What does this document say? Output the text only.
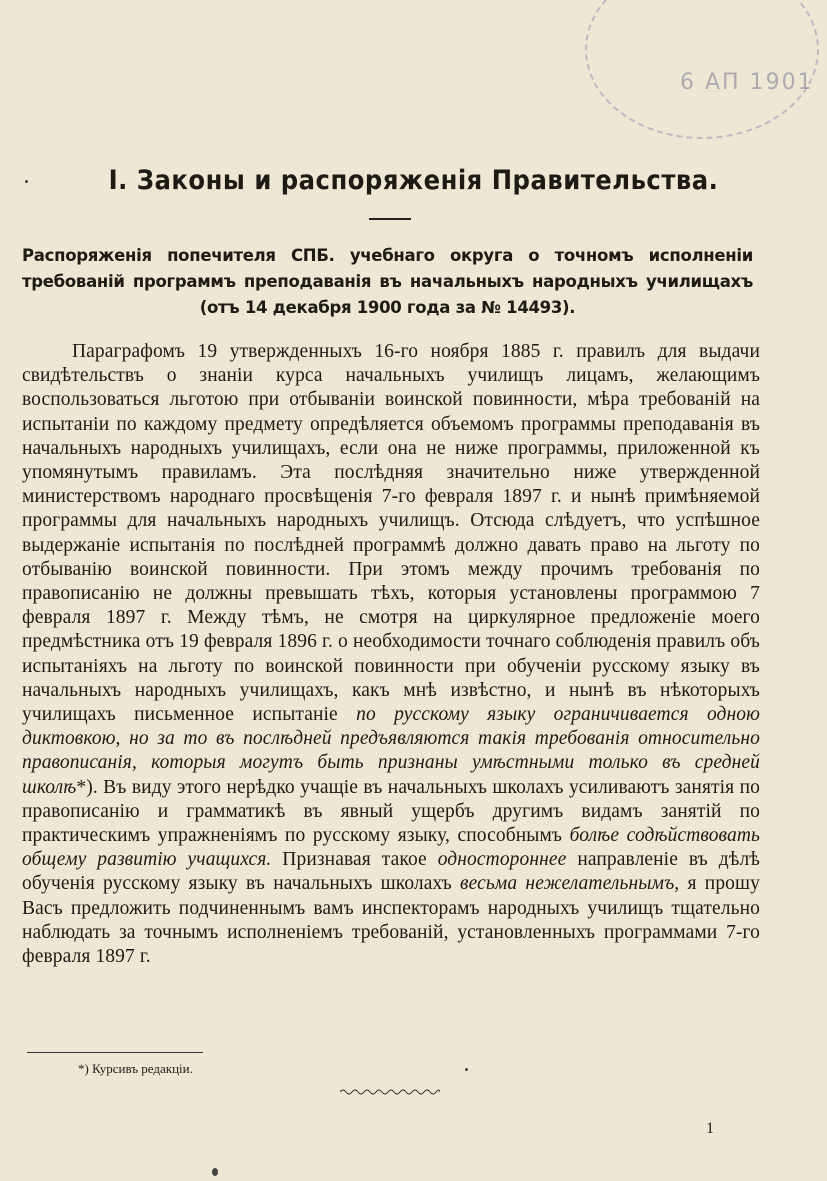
6 АП 1901
I. Законы и распоряженія Правительства.
Распоряженія попечителя СПБ. учебнаго округа о точномъ исполненіи требованій программъ преподаванія въ начальныхъ народныхъ училищахъ (отъ 14 декабря 1900 года за № 14493).

Параграфомъ 19 утвержденныхъ 16-го ноября 1885 г. правилъ для выдачи свидѣтельствъ о знаніи курса начальныхъ училищъ лицамъ, желающимъ воспользоваться льготою при отбываніи воинской повинности, мѣра требованій на испытаніи по каждому предмету опредѣляется объемомъ программы преподаванія въ начальныхъ народныхъ училищахъ, если она не ниже программы, приложенной къ упомянутымъ правиламъ. Эта послѣдняя значительно ниже утвержденной министерствомъ народнаго просвѣщенія 7-го февраля 1897 г. и нынѣ примѣняемой программы для начальныхъ народныхъ училищъ. Отсюда слѣдуетъ, что успѣшное выдержаніе испытанія по послѣдней программѣ должно давать право на льготу по отбыванію воинской повинности. При этомъ между прочимъ требованія по правописанію не должны превышать тѣхъ, которыя установлены программою 7 февраля 1897 г. Между тѣмъ, не смотря на циркулярное предложеніе моего предмѣстника отъ 19 февраля 1896 г. о необходимости точнаго соблюденія правилъ объ испытаніяхъ на льготу по воинской повинности при обученіи русскому языку въ начальныхъ народныхъ училищахъ, какъ мнѣ извѣстно, и нынѣ въ нѣкоторыхъ училищахъ письменное испытаніе по русскому языку ограничивается одною диктовкою, но за то въ послѣдней предъявляются такія требованія относительно правописанія, которыя могутъ быть признаны умѣстными только въ средней школѣ*). Въ виду этого нерѣдко учащіе въ начальныхъ школахъ усиливаютъ занятія по правописанію и грамматикѣ въ явный ущербъ другимъ видамъ занятій по практическимъ упражненіямъ по русскому языку, способнымъ болѣе содѣйствовать общему развитію учащихся. Признавая такое одностороннее направленіе въ дѣлѣ обученія русскому языку въ начальныхъ школахъ весьма нежелательнымъ, я прошу Васъ предложить подчиненнымъ вамъ инспекторамъ народныхъ училищъ тщательно наблюдать за точнымъ исполненіемъ требованій, установленныхъ программами 7-го февраля 1897 г.

*) Курсивъ редакціи.
1
